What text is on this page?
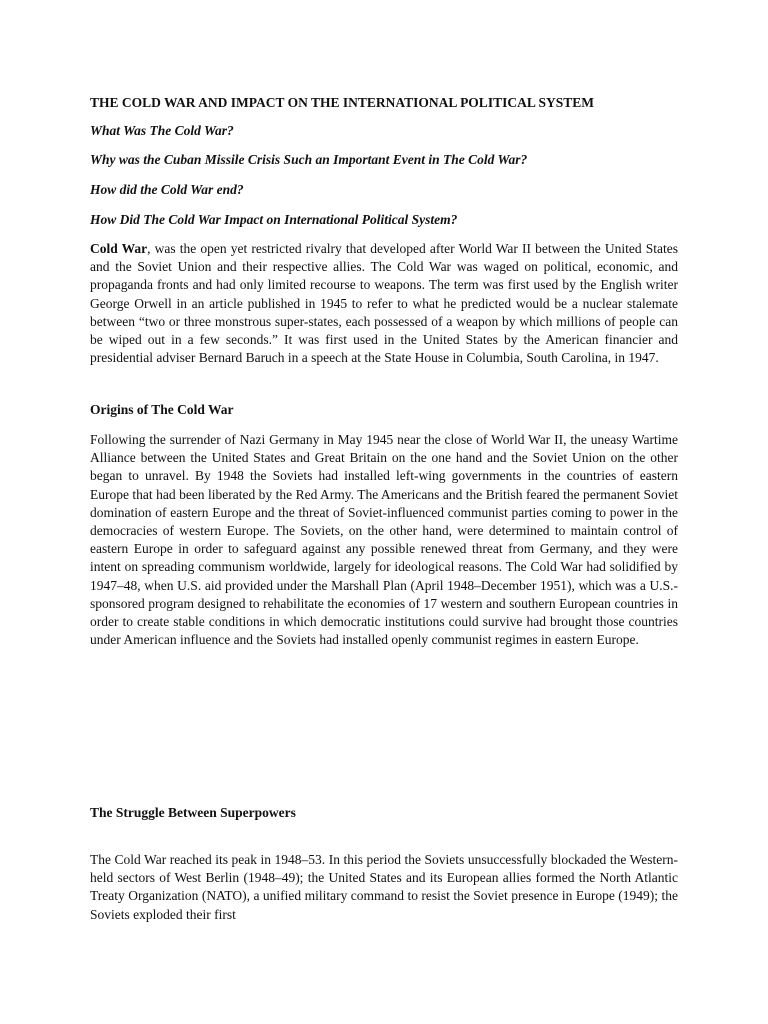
THE COLD WAR AND IMPACT ON THE INTERNATIONAL POLITICAL SYSTEM
What Was The Cold War?
Why was the Cuban Missile Crisis Such an Important Event in The Cold War?
How did the Cold War end?
How Did The Cold War Impact on International Political System?

Cold War, was the open yet restricted rivalry that developed after World War II between the United States and the Soviet Union and their respective allies. The Cold War was waged on political, economic, and propaganda fronts and had only limited recourse to weapons. The term was first used by the English writer George Orwell in an article published in 1945 to refer to what he predicted would be a nuclear stalemate between “two or three monstrous super-states, each possessed of a weapon by which millions of people can be wiped out in a few seconds.” It was first used in the United States by the American financier and presidential adviser Bernard Baruch in a speech at the State House in Columbia, South Carolina, in 1947.

Origins of The Cold War

Following the surrender of Nazi Germany in May 1945 near the close of World War II, the uneasy Wartime Alliance between the United States and Great Britain on the one hand and the Soviet Union on the other began to unravel. By 1948 the Soviets had installed left-wing governments in the countries of eastern Europe that had been liberated by the Red Army. The Americans and the British feared the permanent Soviet domination of eastern Europe and the threat of Soviet-influenced communist parties coming to power in the democracies of western Europe. The Soviets, on the other hand, were determined to maintain control of eastern Europe in order to safeguard against any possible renewed threat from Germany, and they were intent on spreading communism worldwide, largely for ideological reasons. The Cold War had solidified by 1947–48, when U.S. aid provided under the Marshall Plan (April 1948–December 1951), which was a U.S.-sponsored program designed to rehabilitate the economies of 17 western and southern European countries in order to create stable conditions in which democratic institutions could survive had brought those countries under American influence and the Soviets had installed openly communist regimes in eastern Europe.

The Struggle Between Superpowers

The Cold War reached its peak in 1948–53. In this period the Soviets unsuccessfully blockaded the Western-held sectors of West Berlin (1948–49); the United States and its European allies formed the North Atlantic Treaty Organization (NATO), a unified military command to resist the Soviet presence in Europe (1949); the Soviets exploded their first
